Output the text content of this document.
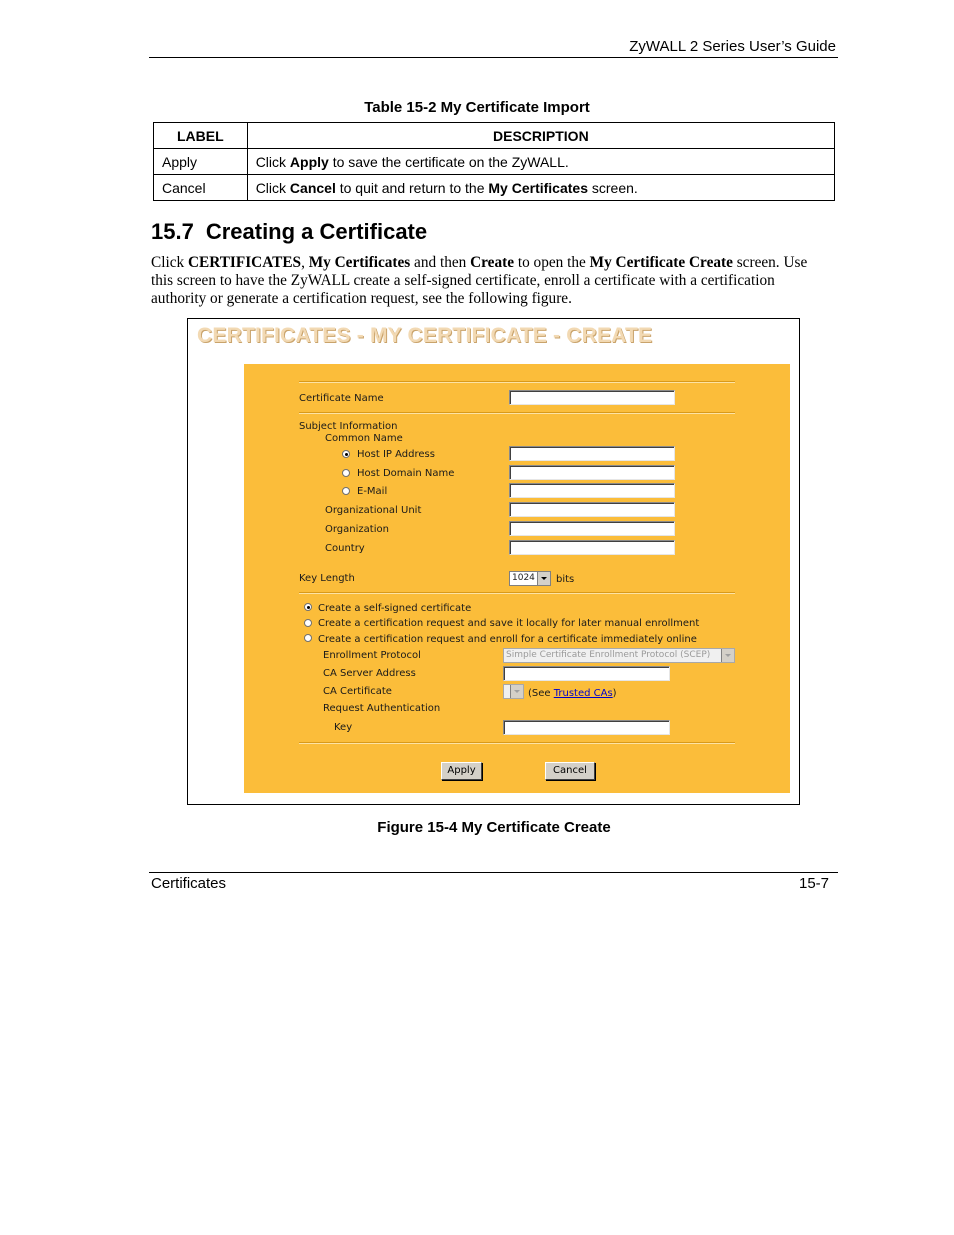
ZyWALL 2 Series User’s Guide
Table 15-2 My Certificate Import
LABEL	DESCRIPTION
Apply	Click Apply to save the certificate on the ZyWALL.
Cancel	Click Cancel to quit and return to the My Certificates screen.
15.7 Creating a Certificate
Click CERTIFICATES, My Certificates and then Create to open the My Certificate Create screen. Use this screen to have the ZyWALL create a self-signed certificate, enroll a certificate with a certification authority or generate a certification request, see the following figure.
CERTIFICATES - MY CERTIFICATE - CREATE
Certificate Name
Subject Information
Common Name
Host IP Address
Host Domain Name
E-Mail
Organizational Unit
Organization
Country
Key Length	1024	bits
Create a self-signed certificate
Create a certification request and save it locally for later manual enrollment
Create a certification request and enroll for a certificate immediately online
Enrollment Protocol	Simple Certificate Enrollment Protocol (SCEP)
CA Server Address
CA Certificate	(See Trusted CAs)
Request Authentication
Key
Apply	Cancel
Figure 15-4 My Certificate Create
Certificates	15-7
